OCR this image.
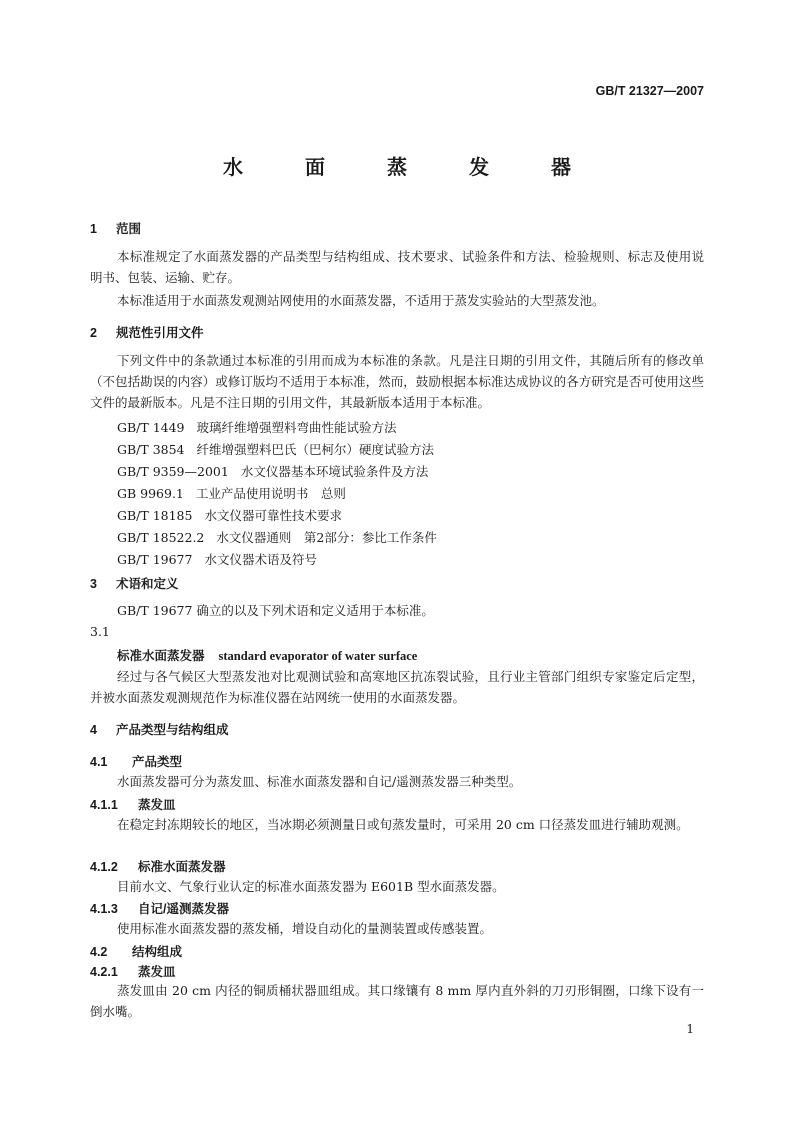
GB/T 21327—2007
水　面　蒸　发　器
1 范围
本标准规定了水面蒸发器的产品类型与结构组成、技术要求、试验条件和方法、检验规则、标志及使用说明书、包装、运输、贮存。
本标准适用于水面蒸发观测站网使用的水面蒸发器，不适用于蒸发实验站的大型蒸发池。
2 规范性引用文件
下列文件中的条款通过本标准的引用而成为本标准的条款。凡是注日期的引用文件，其随后所有的修改单（不包括勘误的内容）或修订版均不适用于本标准，然而，鼓励根据本标准达成协议的各方研究是否可使用这些文件的最新版本。凡是不注日期的引用文件，其最新版本适用于本标准。
GB/T 1449 玻璃纤维增强塑料弯曲性能试验方法
GB/T 3854 纤维增强塑料巴氏（巴柯尔）硬度试验方法
GB/T 9359—2001 水文仪器基本环境试验条件及方法
GB 9969.1 工业产品使用说明书　总则
GB/T 18185 水文仪器可靠性技术要求
GB/T 18522.2 水文仪器通则　第2部分：参比工作条件
GB/T 19677 水文仪器术语及符号
3 术语和定义
GB/T 19677 确立的以及下列术语和定义适用于本标准。
3.1
标准水面蒸发器 standard evaporator of water surface
经过与各气候区大型蒸发池对比观测试验和高寒地区抗冻裂试验，且行业主管部门组织专家鉴定后定型，并被水面蒸发观测规范作为标准仪器在站网统一使用的水面蒸发器。
4 产品类型与结构组成
4.1 产品类型
水面蒸发器可分为蒸发皿、标准水面蒸发器和自记/遥测蒸发器三种类型。
4.1.1 蒸发皿
在稳定封冻期较长的地区，当冰期必须测量日或旬蒸发量时，可采用 20 cm 口径蒸发皿进行辅助观测。
4.1.2 标准水面蒸发器
目前水文、气象行业认定的标准水面蒸发器为 E601B 型水面蒸发器。
4.1.3 自记/遥测蒸发器
使用标准水面蒸发器的蒸发桶，增设自动化的量测装置或传感装置。
4.2 结构组成
4.2.1 蒸发皿
蒸发皿由 20 cm 内径的铜质桶状器皿组成。其口缘镶有 8 mm 厚内直外斜的刀刃形铜圈，口缘下设有一倒水嘴。
1
